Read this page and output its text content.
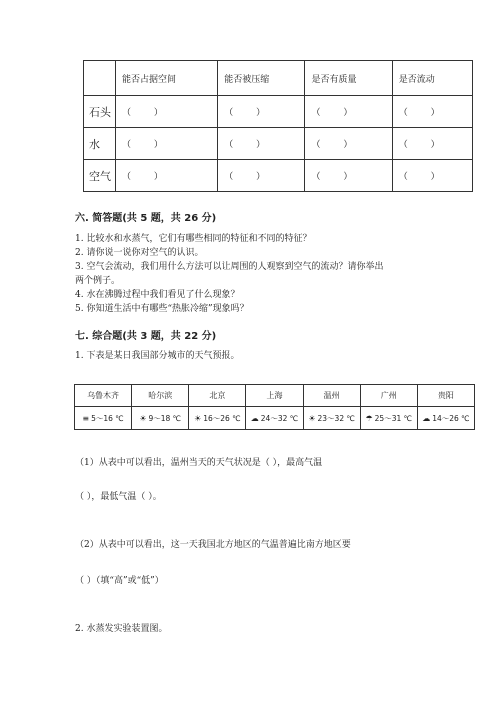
	能否占据空间	能否被压缩	是否有质量	是否流动
石头	（        ）	（        ）	（        ）	（        ）
水	（        ）	（        ）	（        ）	（        ）
空气	（        ）	（        ）	（        ）	（        ）
六. 简答题(共 5 题，共 26 分)
1. 比较水和水蒸气，它们有哪些相同的特征和不同的特征？
2. 请你说一说你对空气的认识。
3. 空气会流动，我们用什么方法可以让周围的人观察到空气的流动？请你举出
两个例子。
4. 水在沸腾过程中我们看见了什么现象？
5. 你知道生活中有哪些“热胀冷缩”现象吗？
七. 综合题(共 3 题，共 22 分)
1. 下表是某日我国部分城市的天气预报。
乌鲁木齐	哈尔滨	北京	上海	温州	广州	贵阳
≡ 5～16 ℃ ☀ 9～18 ℃ ☀ 16～26 ℃ ☁ 24～32 ℃ ☀ 23～32 ℃ ☂ 25～31 ℃ ☁ 14～26 ℃
（1）从表中可以看出，温州当天的天气状况是（ ），最高气温
（ ），最低气温（ ）。
（2）从表中可以看出，这一天我国北方地区的气温普遍比南方地区要
（ ）（填“高”或“低”）
2. 水蒸发实验装置图。
